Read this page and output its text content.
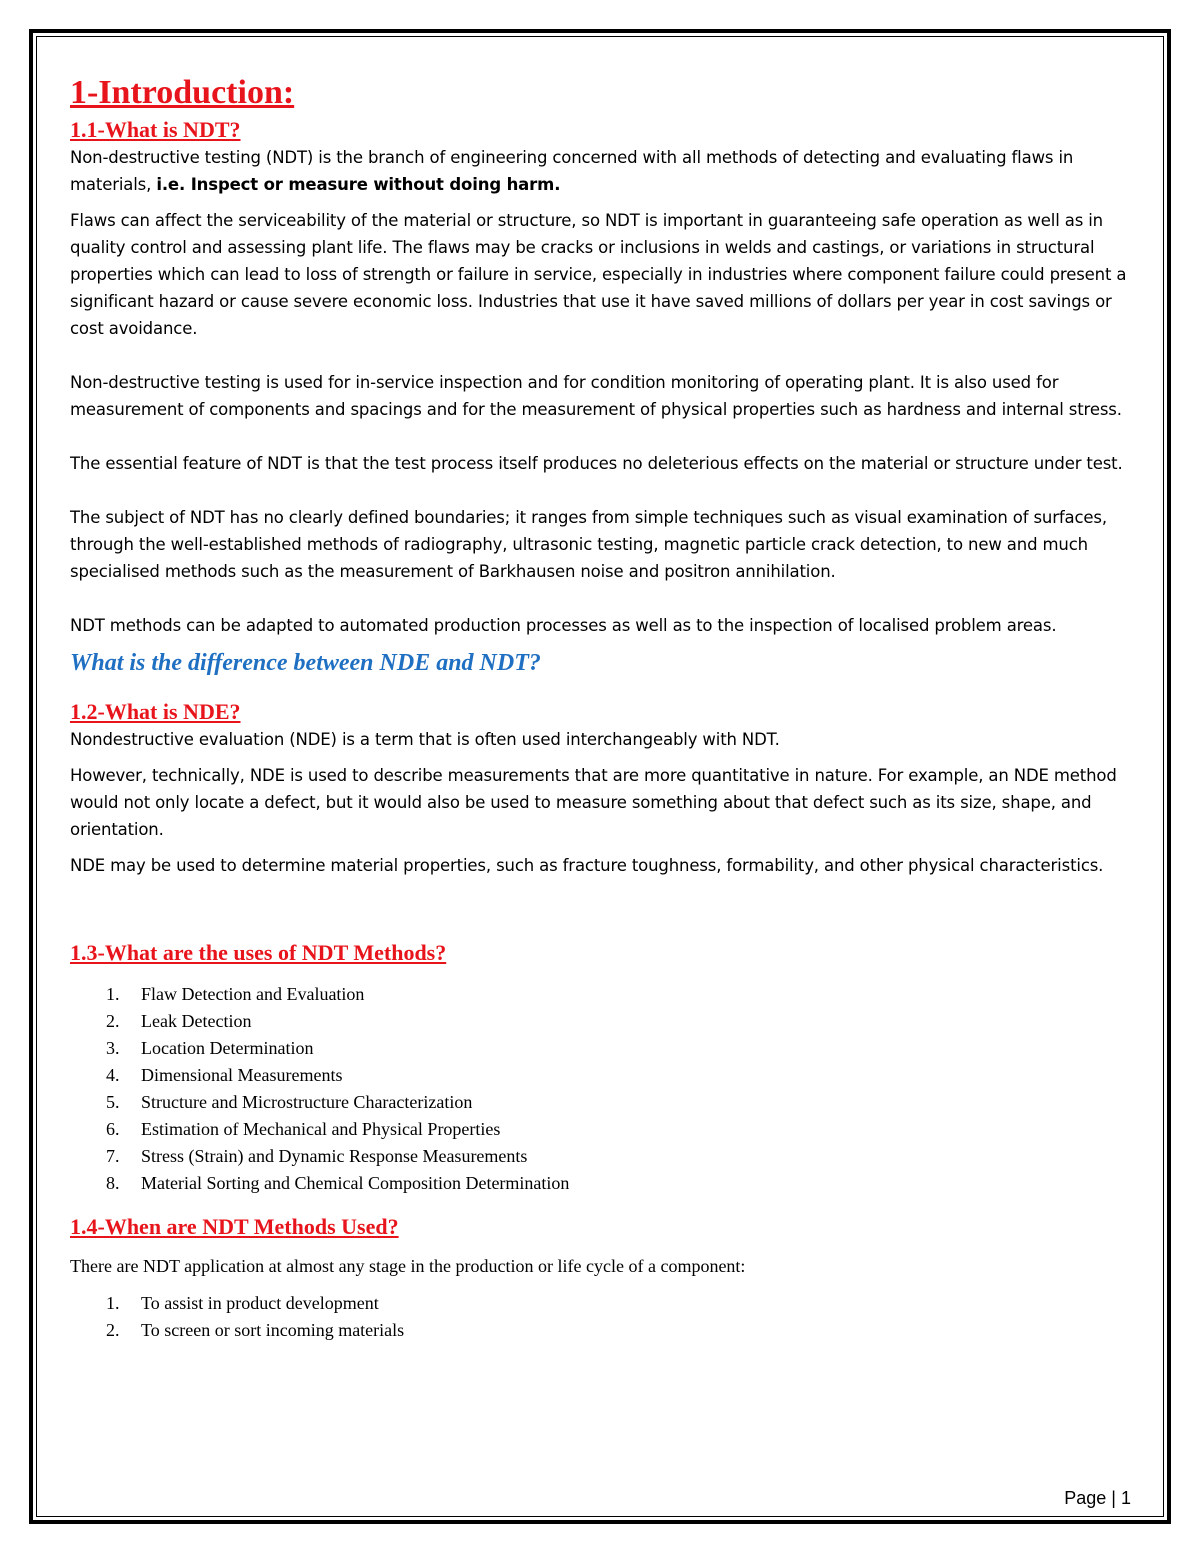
1-Introduction:
1.1-What is NDT?

Non-destructive testing (NDT) is the branch of engineering concerned with all methods of detecting and evaluating flaws in materials, i.e. Inspect or measure without doing harm.

Flaws can affect the serviceability of the material or structure, so NDT is important in guaranteeing safe operation as well as in quality control and assessing plant life. The flaws may be cracks or inclusions in welds and castings, or variations in structural properties which can lead to loss of strength or failure in service, especially in industries where component failure could present a significant hazard or cause severe economic loss. Industries that use it have saved millions of dollars per year in cost savings or cost avoidance.

Non-destructive testing is used for in-service inspection and for condition monitoring of operating plant. It is also used for measurement of components and spacings and for the measurement of physical properties such as hardness and internal stress.

The essential feature of NDT is that the test process itself produces no deleterious effects on the material or structure under test.

The subject of NDT has no clearly defined boundaries; it ranges from simple techniques such as visual examination of surfaces, through the well-established methods of radiography, ultrasonic testing, magnetic particle crack detection, to new and much specialised methods such as the measurement of Barkhausen noise and positron annihilation.

NDT methods can be adapted to automated production processes as well as to the inspection of localised problem areas.

What is the difference between NDE and NDT?
1.2-What is NDE?

Nondestructive evaluation (NDE) is a term that is often used interchangeably with NDT.

However, technically, NDE is used to describe measurements that are more quantitative in nature. For example, an NDE method would not only locate a defect, but it would also be used to measure something about that defect such as its size, shape, and orientation.

NDE may be used to determine material properties, such as fracture toughness, formability, and other physical characteristics.

1.3-What are the uses of NDT Methods?
1.	Flaw Detection and Evaluation
2.	Leak Detection
3.	Location Determination
4.	Dimensional Measurements
5.	Structure and Microstructure Characterization
6.	Estimation of Mechanical and Physical Properties
7.	Stress (Strain) and Dynamic Response Measurements
8.	Material Sorting and Chemical Composition Determination
1.4-When are NDT Methods Used?

There are NDT application at almost any stage in the production or life cycle of a component:

1.	To assist in product development
2.	To screen or sort incoming materials
Page | 1
